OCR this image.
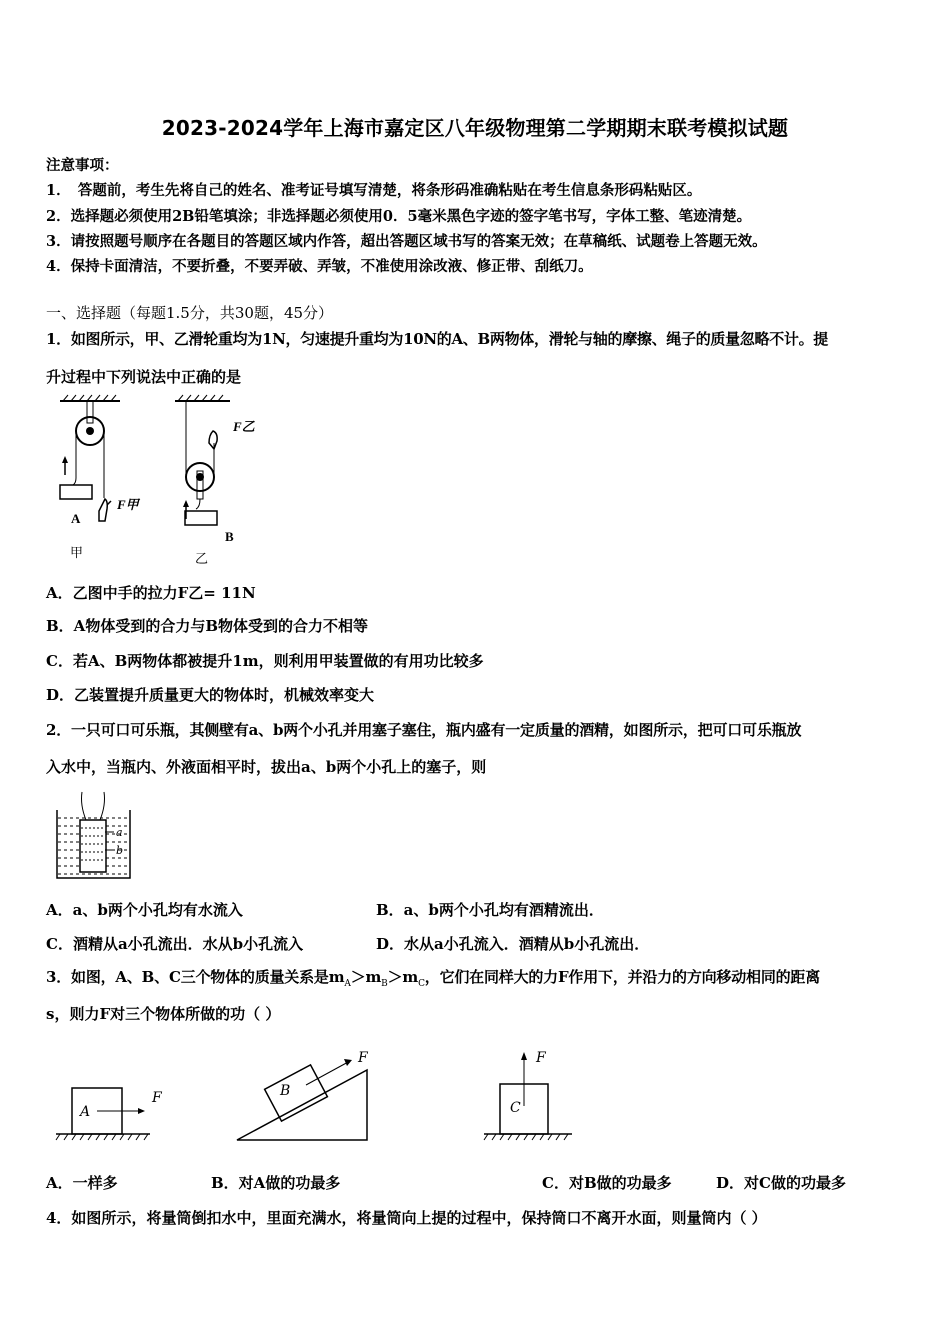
2023-2024学年上海市嘉定区八年级物理第二学期期末联考模拟试题
注意事项：
1．　答题前，考生先将自己的姓名、准考证号填写清楚，将条形码准确粘贴在考生信息条形码粘贴区。
2．选择题必须使用2B铅笔填涂；非选择题必须使用0．5毫米黑色字迹的签字笔书写，字体工整、笔迹清楚。
3．请按照题号顺序在各题目的答题区域内作答，超出答题区域书写的答案无效；在草稿纸、试题卷上答题无效。
4．保持卡面清洁，不要折叠，不要弄破、弄皱，不准使用涂改液、修正带、刮纸刀。
一、选择题（每题1.5分，共30题，45分）
1．如图所示，甲、乙滑轮重均为1N，匀速提升重均为10N的A、B两物体，滑轮与轴的摩擦、绳子的质量忽略不计。提
升过程中下列说法中正确的是
A
F甲
甲
F乙
B
乙
A．乙图中手的拉力F乙= 11N
B．A物体受到的合力与B物体受到的合力不相等
C．若A、B两物体都被提升1m，则利用甲装置做的有用功比较多
D．乙装置提升质量更大的物体时，机械效率变大
2．一只可口可乐瓶，其侧壁有a、b两个小孔并用塞子塞住，瓶内盛有一定质量的酒精，如图所示，把可口可乐瓶放
入水中，当瓶内、外液面相平时，拔出a、b两个小孔上的塞子，则
a
b
A．a、b两个小孔均有水流入	B．a、b两个小孔均有酒精流出．
C．酒精从a小孔流出．水从b小孔流入	D．水从a小孔流入．酒精从b小孔流出．
3．如图，A、B、C三个物体的质量关系是$m_A>m_B>m_C$，它们在同样大的力F作用下，并沿力的方向移动相同的距离
s，则力F对三个物体所做的功（ ）
A
F	B
F
C
F
A．一样多	B．对A做的功最多	C．对B做的功最多	D．对C做的功最多
4．如图所示，将量筒倒扣水中，里面充满水，将量筒向上提的过程中，保持筒口不离开水面，则量筒内（ ）
